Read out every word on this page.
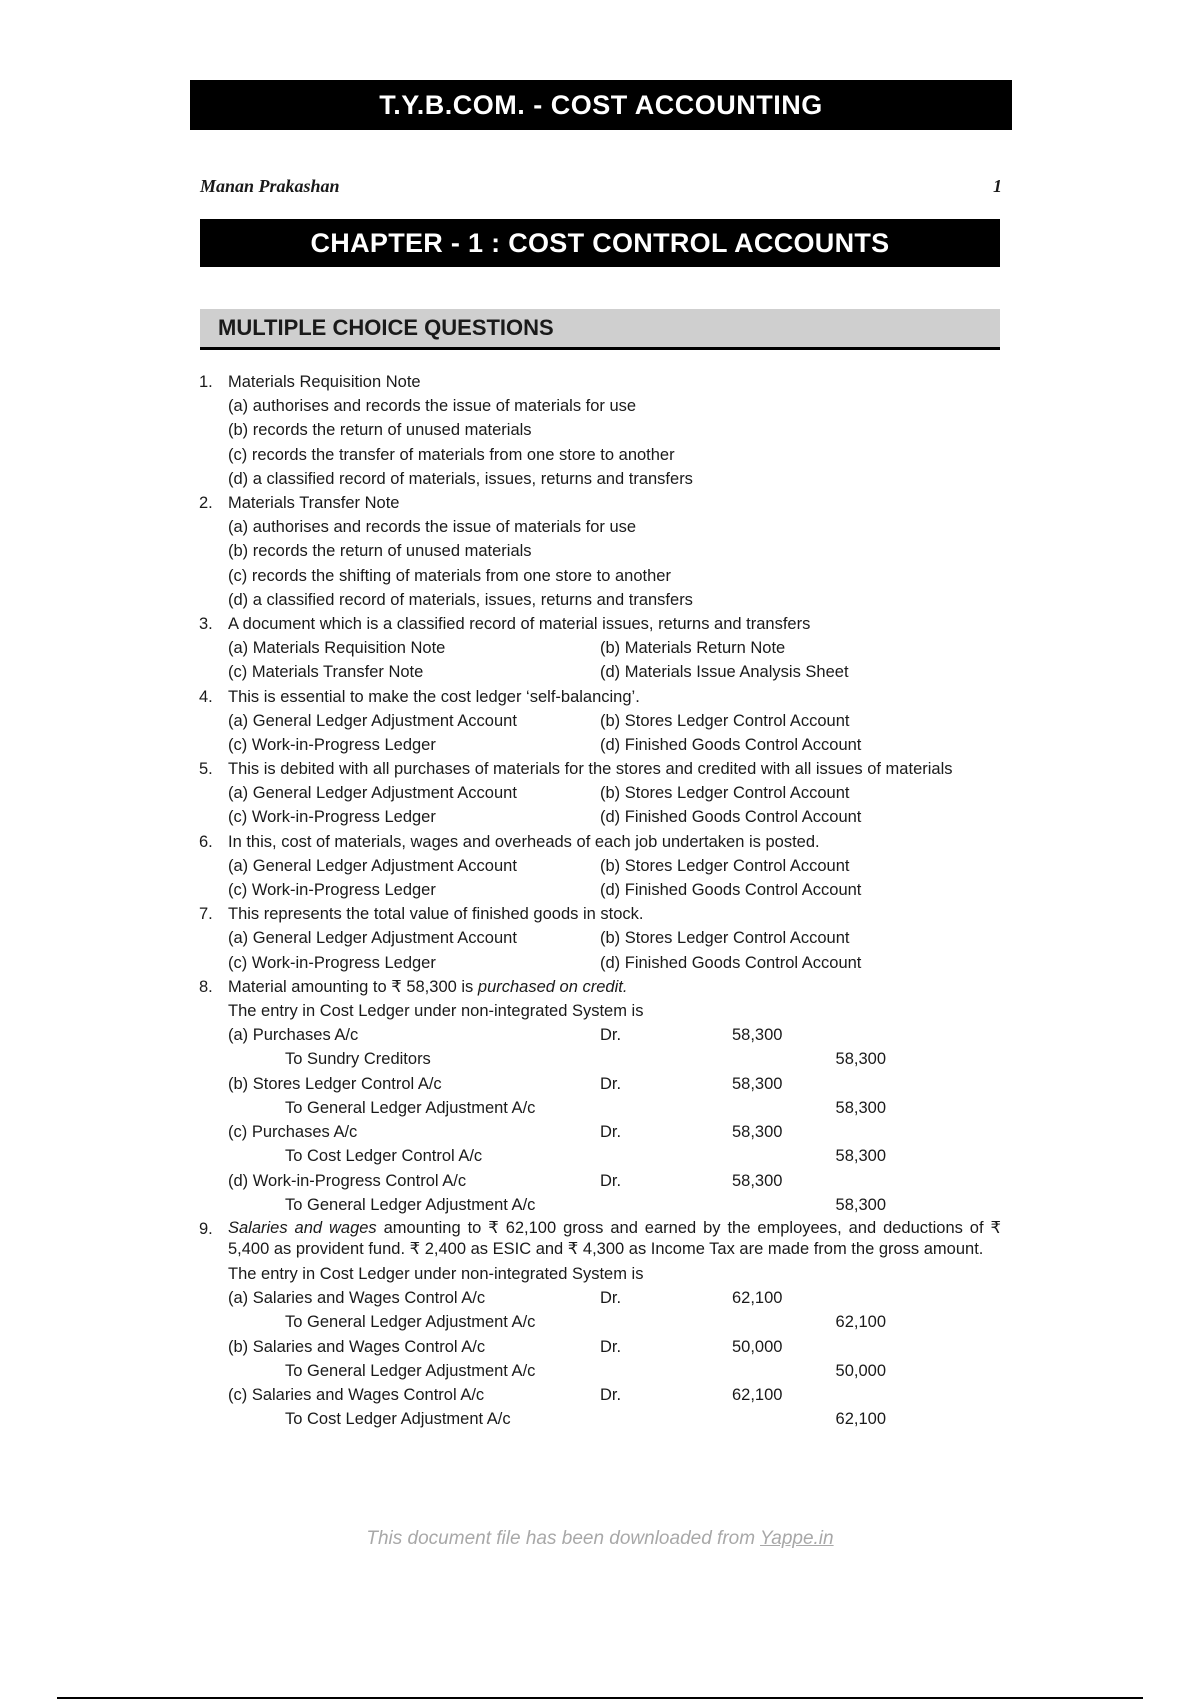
T.Y.B.COM. - COST ACCOUNTING
Manan Prakashan	1
CHAPTER - 1 : COST CONTROL ACCOUNTS
MULTIPLE CHOICE QUESTIONS
1. Materials Requisition Note
(a) authorises and records the issue of materials for use
(b) records the return of unused materials
(c) records the transfer of materials from one store to another
(d) a classified record of materials, issues, returns and transfers
2. Materials Transfer Note
(a) authorises and records the issue of materials for use
(b) records the return of unused materials
(c) records the shifting of materials from one store to another
(d) a classified record of materials, issues, returns and transfers
3. A document which is a classified record of material issues, returns and transfers
(a) Materials Requisition Note	(b) Materials Return Note
(c) Materials Transfer Note	(d) Materials Issue Analysis Sheet
4. This is essential to make the cost ledger ‘self-balancing’.
(a) General Ledger Adjustment Account	(b) Stores Ledger Control Account
(c) Work-in-Progress Ledger	(d) Finished Goods Control Account
5. This is debited with all purchases of materials for the stores and credited with all issues of materials
(a) General Ledger Adjustment Account	(b) Stores Ledger Control Account
(c) Work-in-Progress Ledger	(d) Finished Goods Control Account
6. In this, cost of materials, wages and overheads of each job undertaken is posted.
(a) General Ledger Adjustment Account	(b) Stores Ledger Control Account
(c) Work-in-Progress Ledger	(d) Finished Goods Control Account
7. This represents the total value of finished goods in stock.
(a) General Ledger Adjustment Account	(b) Stores Ledger Control Account
(c) Work-in-Progress Ledger	(d) Finished Goods Control Account
8. Material amounting to ₹ 58,300 is purchased on credit.
The entry in Cost Ledger under non-integrated System is
(a) Purchases A/c	Dr.	58,300
To Sundry Creditors	58,300
(b) Stores Ledger Control A/c	Dr.	58,300
To General Ledger Adjustment A/c	58,300
(c) Purchases A/c	Dr.	58,300
To Cost Ledger Control A/c	58,300
(d) Work-in-Progress Control A/c	Dr.	58,300
To General Ledger Adjustment A/c	58,300
9. Salaries and wages amounting to ₹ 62,100 gross and earned by the employees, and deductions of ₹ 5,400 as provident fund. ₹ 2,400 as ESIC and ₹ 4,300 as Income Tax are made from the gross amount.
The entry in Cost Ledger under non-integrated System is
(a) Salaries and Wages Control A/c	Dr.	62,100
To General Ledger Adjustment A/c	62,100
(b) Salaries and Wages Control A/c	Dr.	50,000
To General Ledger Adjustment A/c	50,000
(c) Salaries and Wages Control A/c	Dr.	62,100
To Cost Ledger Adjustment A/c	62,100
This document file has been downloaded from Yappe.in
